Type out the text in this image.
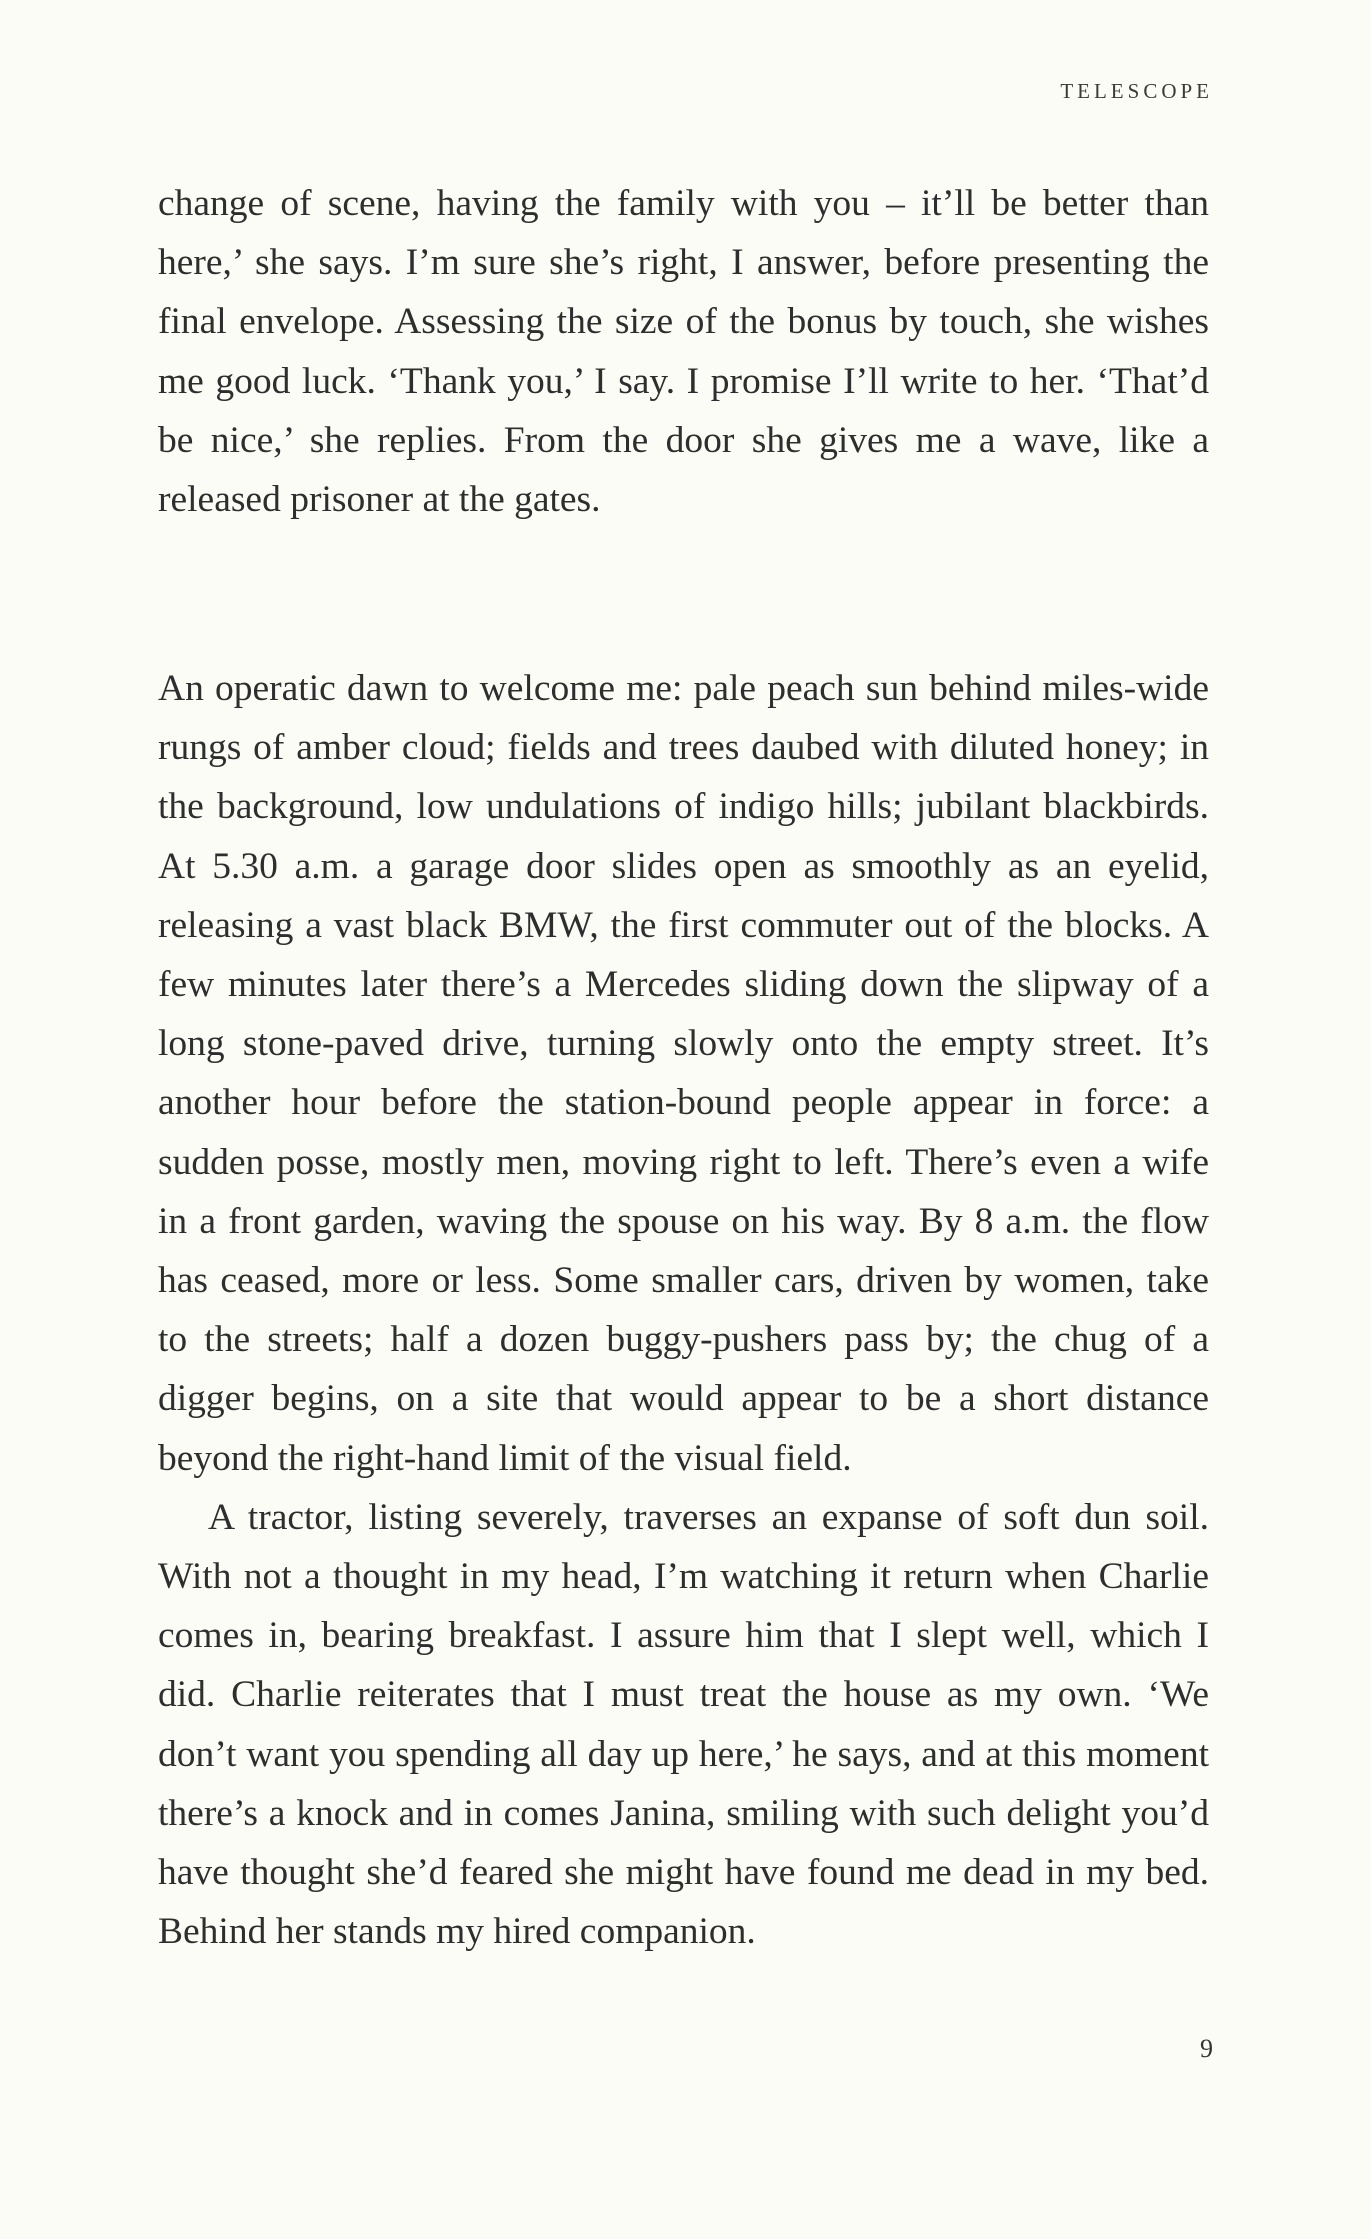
TELESCOPE

change of scene, having the family with you – it’ll be better than here,’ she says. I’m sure she’s right, I answer, before presenting the final envelope. Assessing the size of the bonus by touch, she wishes me good luck. ‘Thank you,’ I say. I promise I’ll write to her. ‘That’d be nice,’ she replies. From the door she gives me a wave, like a released prisoner at the gates.

An operatic dawn to welcome me: pale peach sun behind miles-wide rungs of amber cloud; fields and trees daubed with diluted honey; in the background, low undulations of indigo hills; jubilant blackbirds. At 5.30 a.m. a garage door slides open as smoothly as an eyelid, releasing a vast black BMW, the first commuter out of the blocks. A few minutes later there’s a Mercedes sliding down the slipway of a long stone-paved drive, turning slowly onto the empty street. It’s another hour before the station-bound people appear in force: a sudden posse, mostly men, moving right to left. There’s even a wife in a front garden, waving the spouse on his way. By 8 a.m. the flow has ceased, more or less. Some smaller cars, driven by women, take to the streets; half a dozen buggy-pushers pass by; the chug of a digger begins, on a site that would appear to be a short distance beyond the right-hand limit of the visual field.

A tractor, listing severely, traverses an expanse of soft dun soil. With not a thought in my head, I’m watching it return when Charlie comes in, bearing breakfast. I assure him that I slept well, which I did. Charlie reiterates that I must treat the house as my own. ‘We don’t want you spending all day up here,’ he says, and at this moment there’s a knock and in comes Janina, smiling with such delight you’d have thought she’d feared she might have found me dead in my bed. Behind her stands my hired companion.

9
